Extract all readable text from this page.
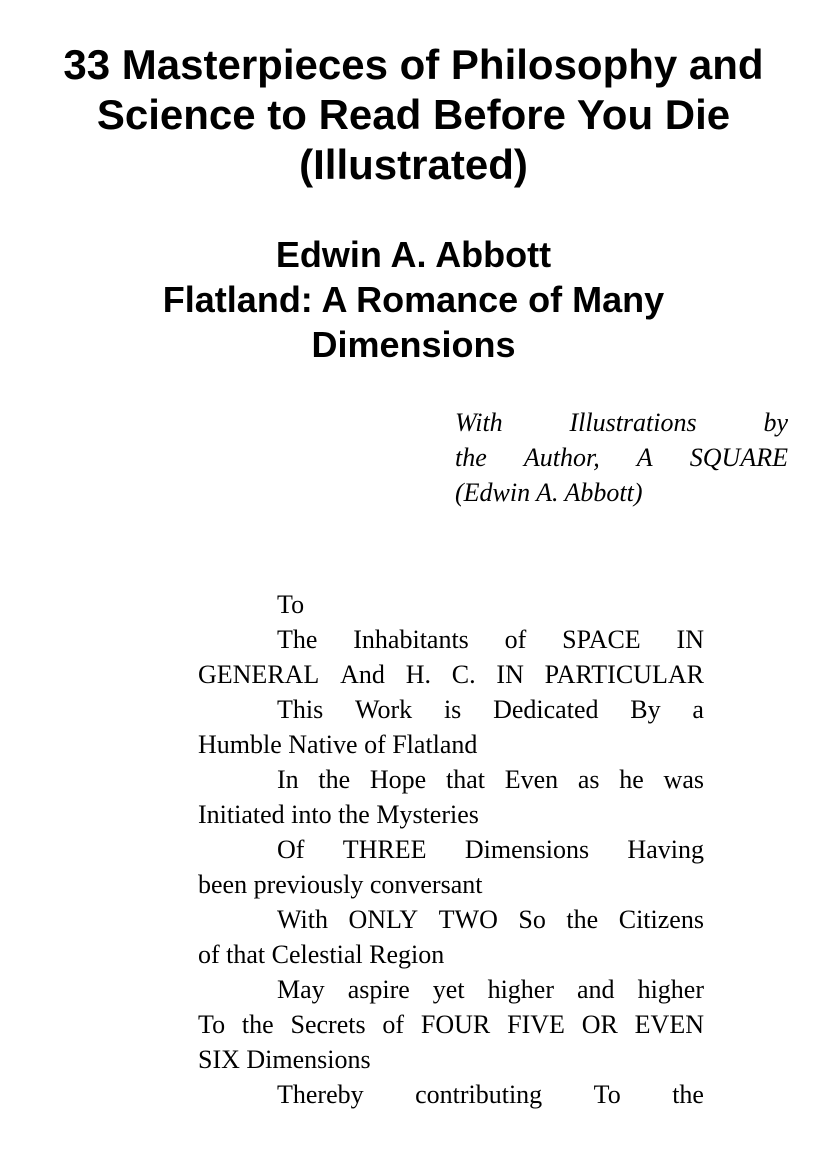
33 Masterpieces of Philosophy and
Science to Read Before You Die
(Illustrated)
Edwin A. Abbott
Flatland: A Romance of Many
Dimensions
With	Illustrations	by
the Author, A SQUARE
(Edwin A. Abbott)
To
The Inhabitants of SPACE IN
GENERAL And H. C. IN PARTICULAR
This Work is Dedicated By a
Humble Native of Flatland
In the Hope that Even as he was
Initiated into the Mysteries
Of THREE Dimensions Having
been previously conversant
With ONLY TWO So the Citizens
of that Celestial Region
May aspire yet higher and higher
To the Secrets of FOUR FIVE OR EVEN
SIX Dimensions
Thereby contributing To the
